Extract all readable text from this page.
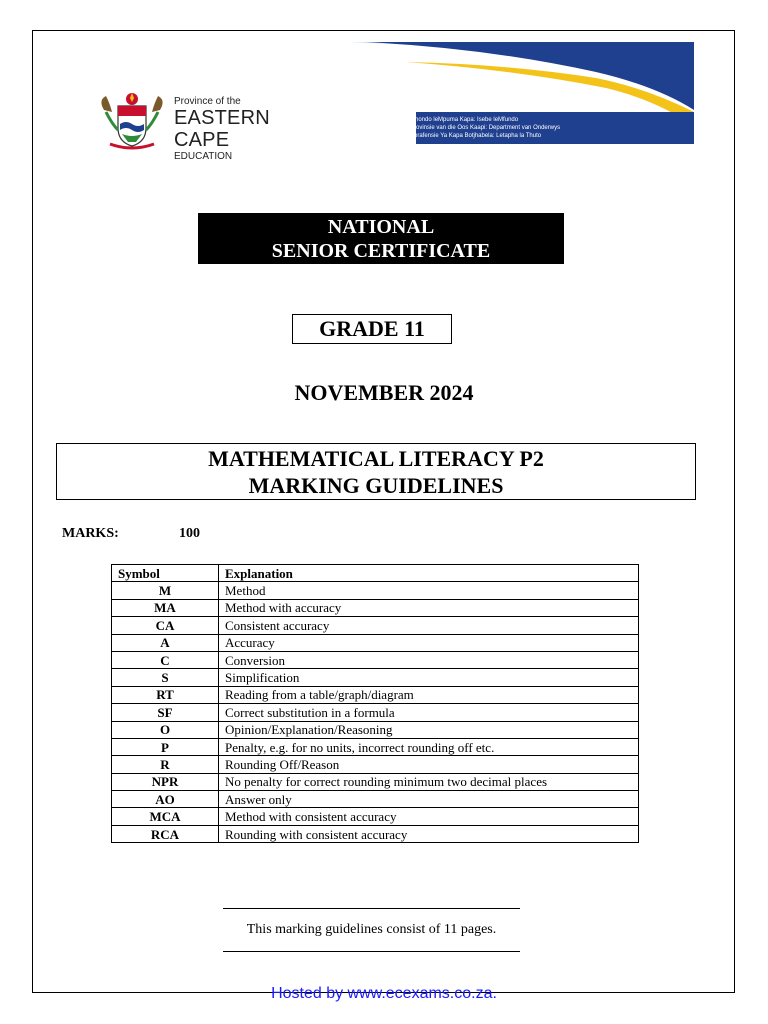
Province of the
EASTERN CAPE
EDUCATION
Iphondo leMpuma Kapa: Isebe leMfundo
Provinsie van die Oos Kaapi: Department van Onderwys
Porafensie Ya Kapa Botjhabela: Letapha la Thuto
NATIONAL
SENIOR CERTIFICATE
GRADE 11
NOVEMBER 2024
MATHEMATICAL LITERACY P2
MARKING GUIDELINES
MARKS:	100
Symbol	Explanation
M	Method
MA	Method with accuracy
CA	Consistent accuracy
A	Accuracy
C	Conversion
S	Simplification
RT	Reading from a table/graph/diagram
SF	Correct substitution in a formula
O	Opinion/Explanation/Reasoning
P	Penalty, e.g. for no units, incorrect rounding off etc.
R	Rounding Off/Reason
NPR	No penalty for correct rounding minimum two decimal places
AO	Answer only
MCA	Method with consistent accuracy
RCA	Rounding with consistent accuracy
This marking guidelines consist of 11 pages.
Hosted by www.ecexams.co.za.
